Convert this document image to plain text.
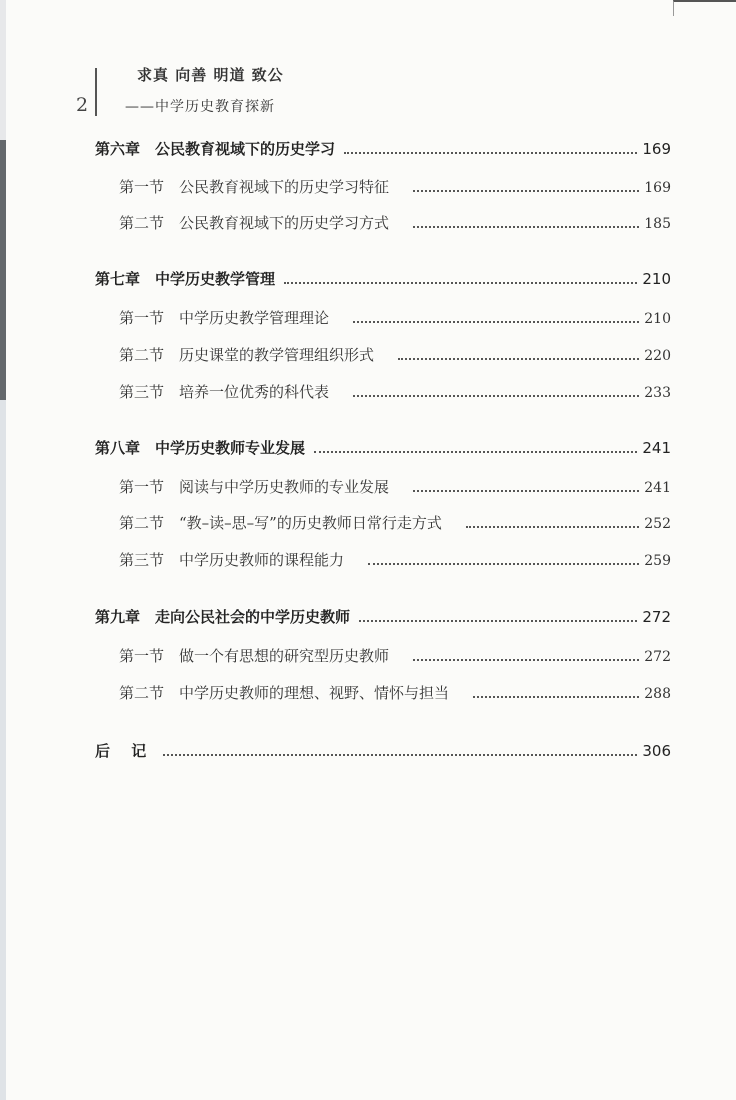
2
求真 向善 明道 致公
——中学历史教育探新
第六章　公民教育视域下的历史学习	169
第一节　公民教育视域下的历史学习特征	169
第二节　公民教育视域下的历史学习方式	185
第七章　中学历史教学管理	210
第一节　中学历史教学管理理论	210
第二节　历史课堂的教学管理组织形式	220
第三节　培养一位优秀的科代表	233
第八章　中学历史教师专业发展	241
第一节　阅读与中学历史教师的专业发展	241
第二节　“教–读–思–写”的历史教师日常行走方式	252
第三节　中学历史教师的课程能力	259
第九章　走向公民社会的中学历史教师	272
第一节　做一个有思想的研究型历史教师	272
第二节　中学历史教师的理想、视野、情怀与担当	288
后 记	306
